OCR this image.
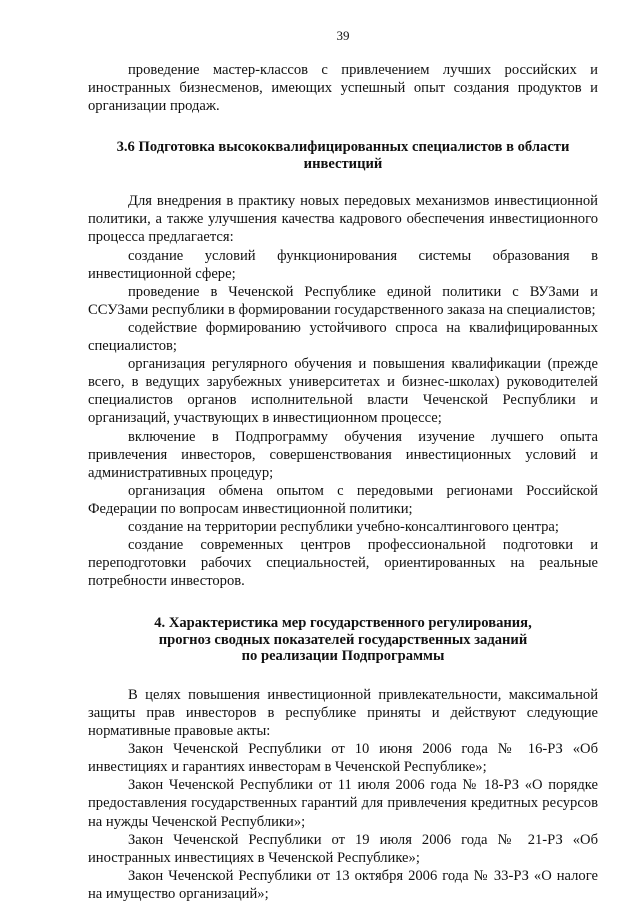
39

проведение мастер-классов с привлечением лучших российских и иностранных бизнесменов, имеющих успешный опыт создания продуктов и организации продаж.

3.6 Подготовка высококвалифицированных специалистов в области
инвестиций

Для внедрения в практику новых передовых механизмов инвестиционной политики, а также улучшения качества кадрового обеспечения инвестиционного процесса предлагается:

создание условий функционирования системы образования в инвестиционной сфере;

проведение в Чеченской Республике единой политики с ВУЗами и ССУЗами республики в формировании государственного заказа на специалистов;

содействие формированию устойчивого спроса на квалифицированных специалистов;

организация регулярного обучения и повышения квалификации (прежде всего, в ведущих зарубежных университетах и бизнес-школах) руководителей специалистов органов исполнительной власти Чеченской Республики и организаций, участвующих в инвестиционном процессе;

включение в Подпрограмму обучения изучение лучшего опыта привлечения инвесторов, совершенствования инвестиционных условий и административных процедур;

организация обмена опытом с передовыми регионами Российской Федерации по вопросам инвестиционной политики;

создание на территории республики учебно-консалтингового центра;

создание современных центров профессиональной подготовки и переподготовки рабочих специальностей, ориентированных на реальные потребности инвесторов.

4. Характеристика мер государственного регулирования,
прогноз сводных показателей государственных заданий
по реализации Подпрограммы

В целях повышения инвестиционной привлекательности, максимальной защиты прав инвесторов в республике приняты и действуют следующие нормативные правовые акты:

Закон Чеченской Республики от 10 июня 2006 года № 16-РЗ «Об инвестициях и гарантиях инвесторам в Чеченской Республике»;

Закон Чеченской Республики от 11 июля 2006 года № 18-РЗ «О порядке предоставления государственных гарантий для привлечения кредитных ресурсов на нужды Чеченской Республики»;

Закон Чеченской Республики от 19 июля 2006 года № 21-РЗ «Об иностранных инвестициях в Чеченской Республике»;

Закон Чеченской Республики от 13 октября 2006 года № 33-РЗ «О налоге на имущество организаций»;
